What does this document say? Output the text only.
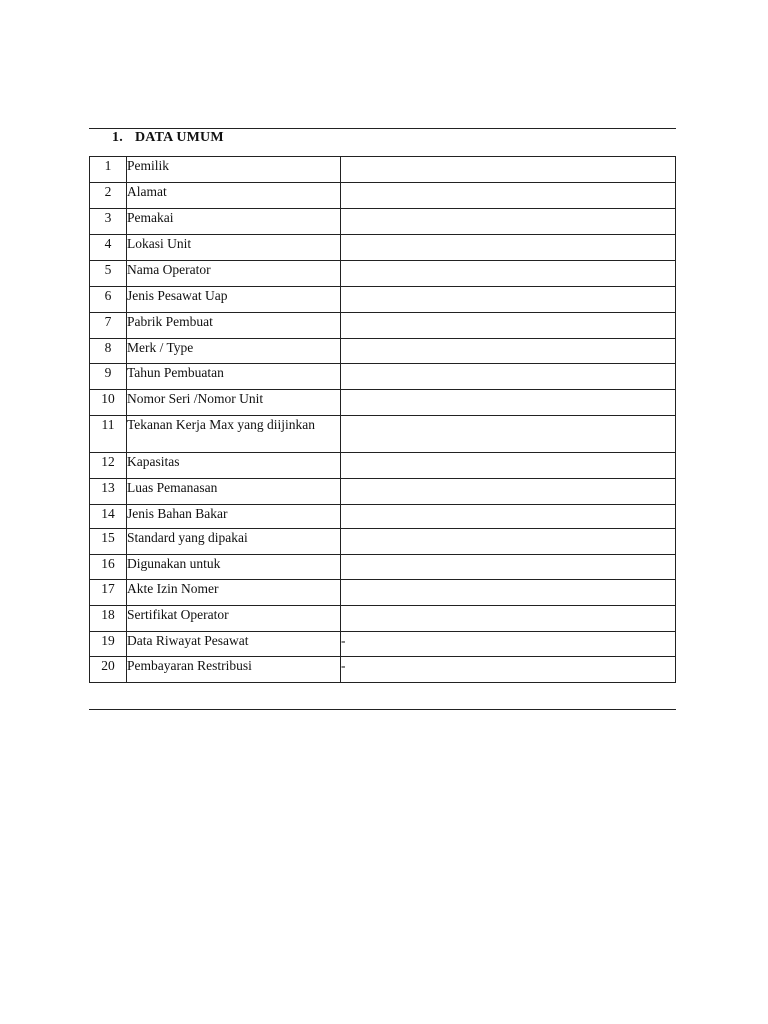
1. DATA UMUM
1	Pemilik	
2	Alamat	
3	Pemakai	
4	Lokasi Unit	
5	Nama Operator	
6	Jenis Pesawat Uap	
7	Pabrik Pembuat	
8	Merk / Type	
9	Tahun Pembuatan	
10	Nomor Seri /Nomor Unit	
11	Tekanan Kerja Max yang diijinkan	
12	Kapasitas	
13	Luas Pemanasan	
14	Jenis Bahan Bakar	
15	Standard yang dipakai	
16	Digunakan untuk	
17	Akte Izin Nomer	
18	Sertifikat Operator	
19	Data Riwayat Pesawat	-
20	Pembayaran Restribusi	-
